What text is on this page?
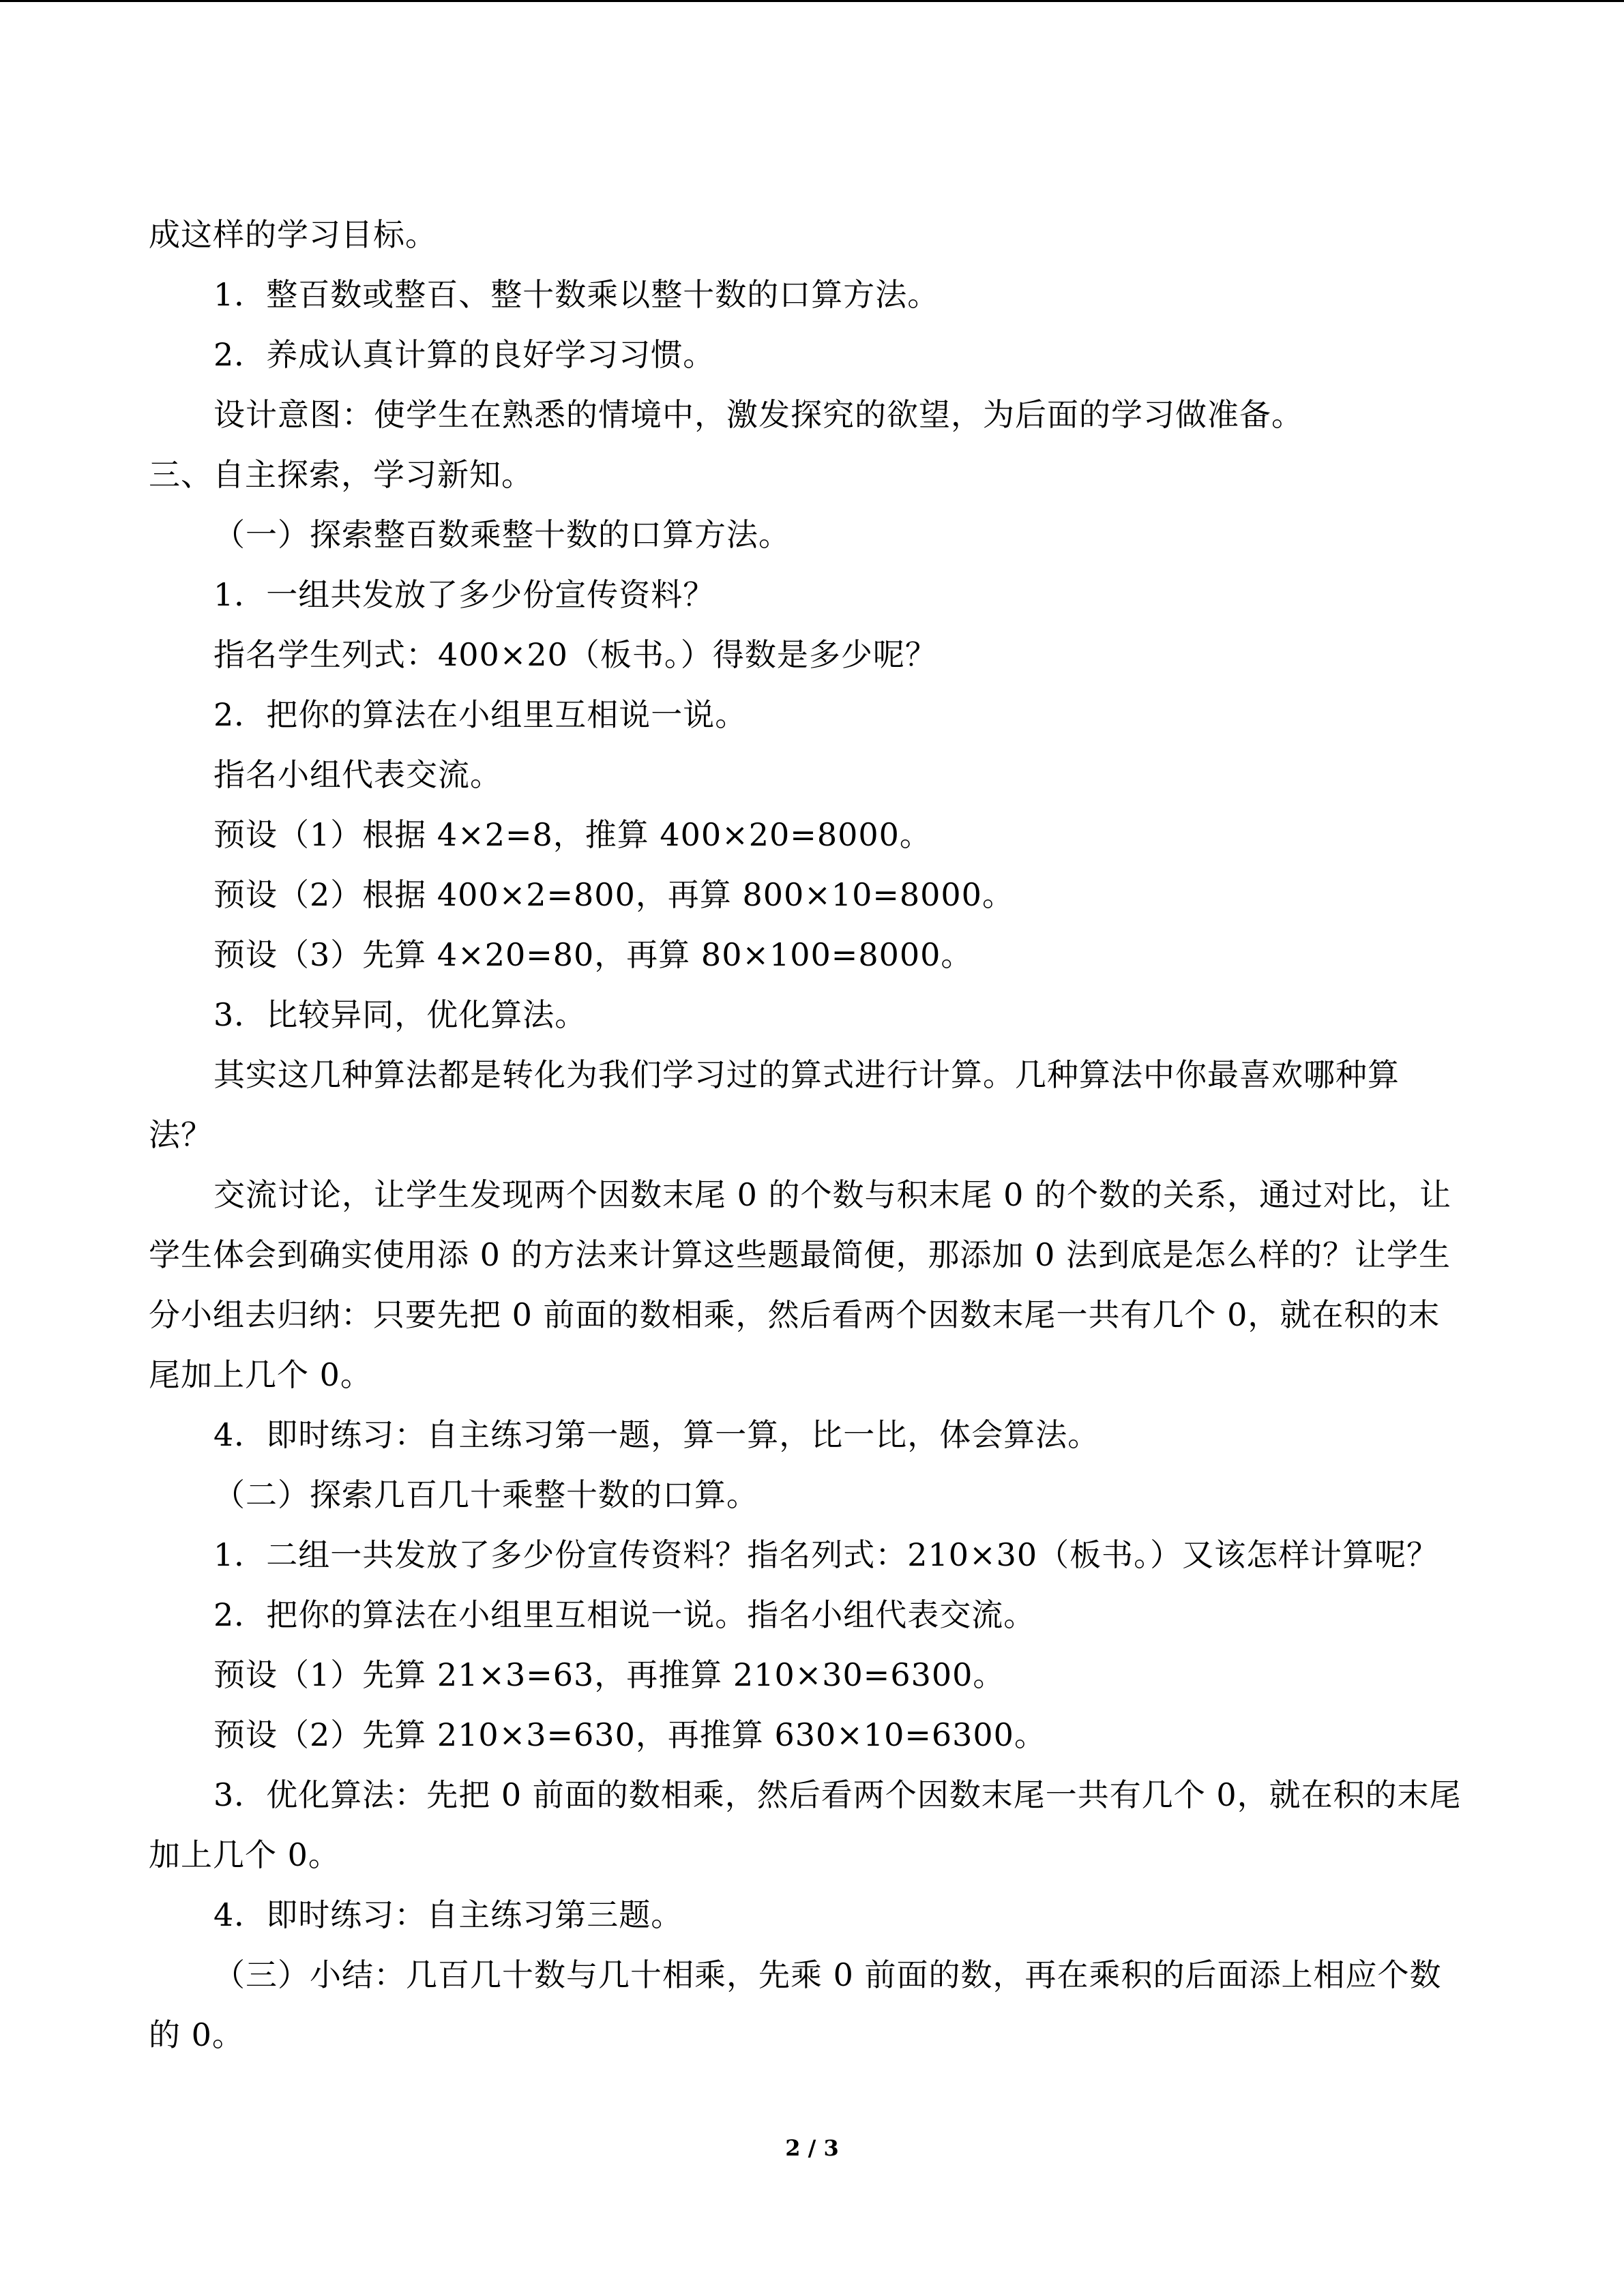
成这样的学习目标。

1．整百数或整百、整十数乘以整十数的口算方法。

2．养成认真计算的良好学习习惯。

设计意图：使学生在熟悉的情境中，激发探究的欲望，为后面的学习做准备。

三、自主探索，学习新知。

（一）探索整百数乘整十数的口算方法。

1．一组共发放了多少份宣传资料？

指名学生列式：400×20（板书。）得数是多少呢？

2．把你的算法在小组里互相说一说。

指名小组代表交流。

预设（1）根据 4×2=8，推算 400×20=8000。

预设（2）根据 400×2=800，再算 800×10=8000。

预设（3）先算 4×20=80，再算 80×100=8000。

3．比较异同，优化算法。

其实这几种算法都是转化为我们学习过的算式进行计算。几种算法中你最喜欢哪种算

法？

交流讨论，让学生发现两个因数末尾 0 的个数与积末尾 0 的个数的关系，通过对比，让

学生体会到确实使用添 0 的方法来计算这些题最简便，那添加 0 法到底是怎么样的？让学生

分小组去归纳：只要先把 0 前面的数相乘，然后看两个因数末尾一共有几个 0，就在积的末

尾加上几个 0。

4．即时练习：自主练习第一题，算一算，比一比，体会算法。

（二）探索几百几十乘整十数的口算。

1．二组一共发放了多少份宣传资料？指名列式：210×30（板书。）又该怎样计算呢？

2．把你的算法在小组里互相说一说。指名小组代表交流。

预设（1）先算 21×3=63，再推算 210×30=6300。

预设（2）先算 210×3=630，再推算 630×10=6300。

3．优化算法：先把 0 前面的数相乘，然后看两个因数末尾一共有几个 0，就在积的末尾

加上几个 0。

4．即时练习：自主练习第三题。

（三）小结：几百几十数与几十相乘，先乘 0 前面的数，再在乘积的后面添上相应个数

的 0。

2 / 3
